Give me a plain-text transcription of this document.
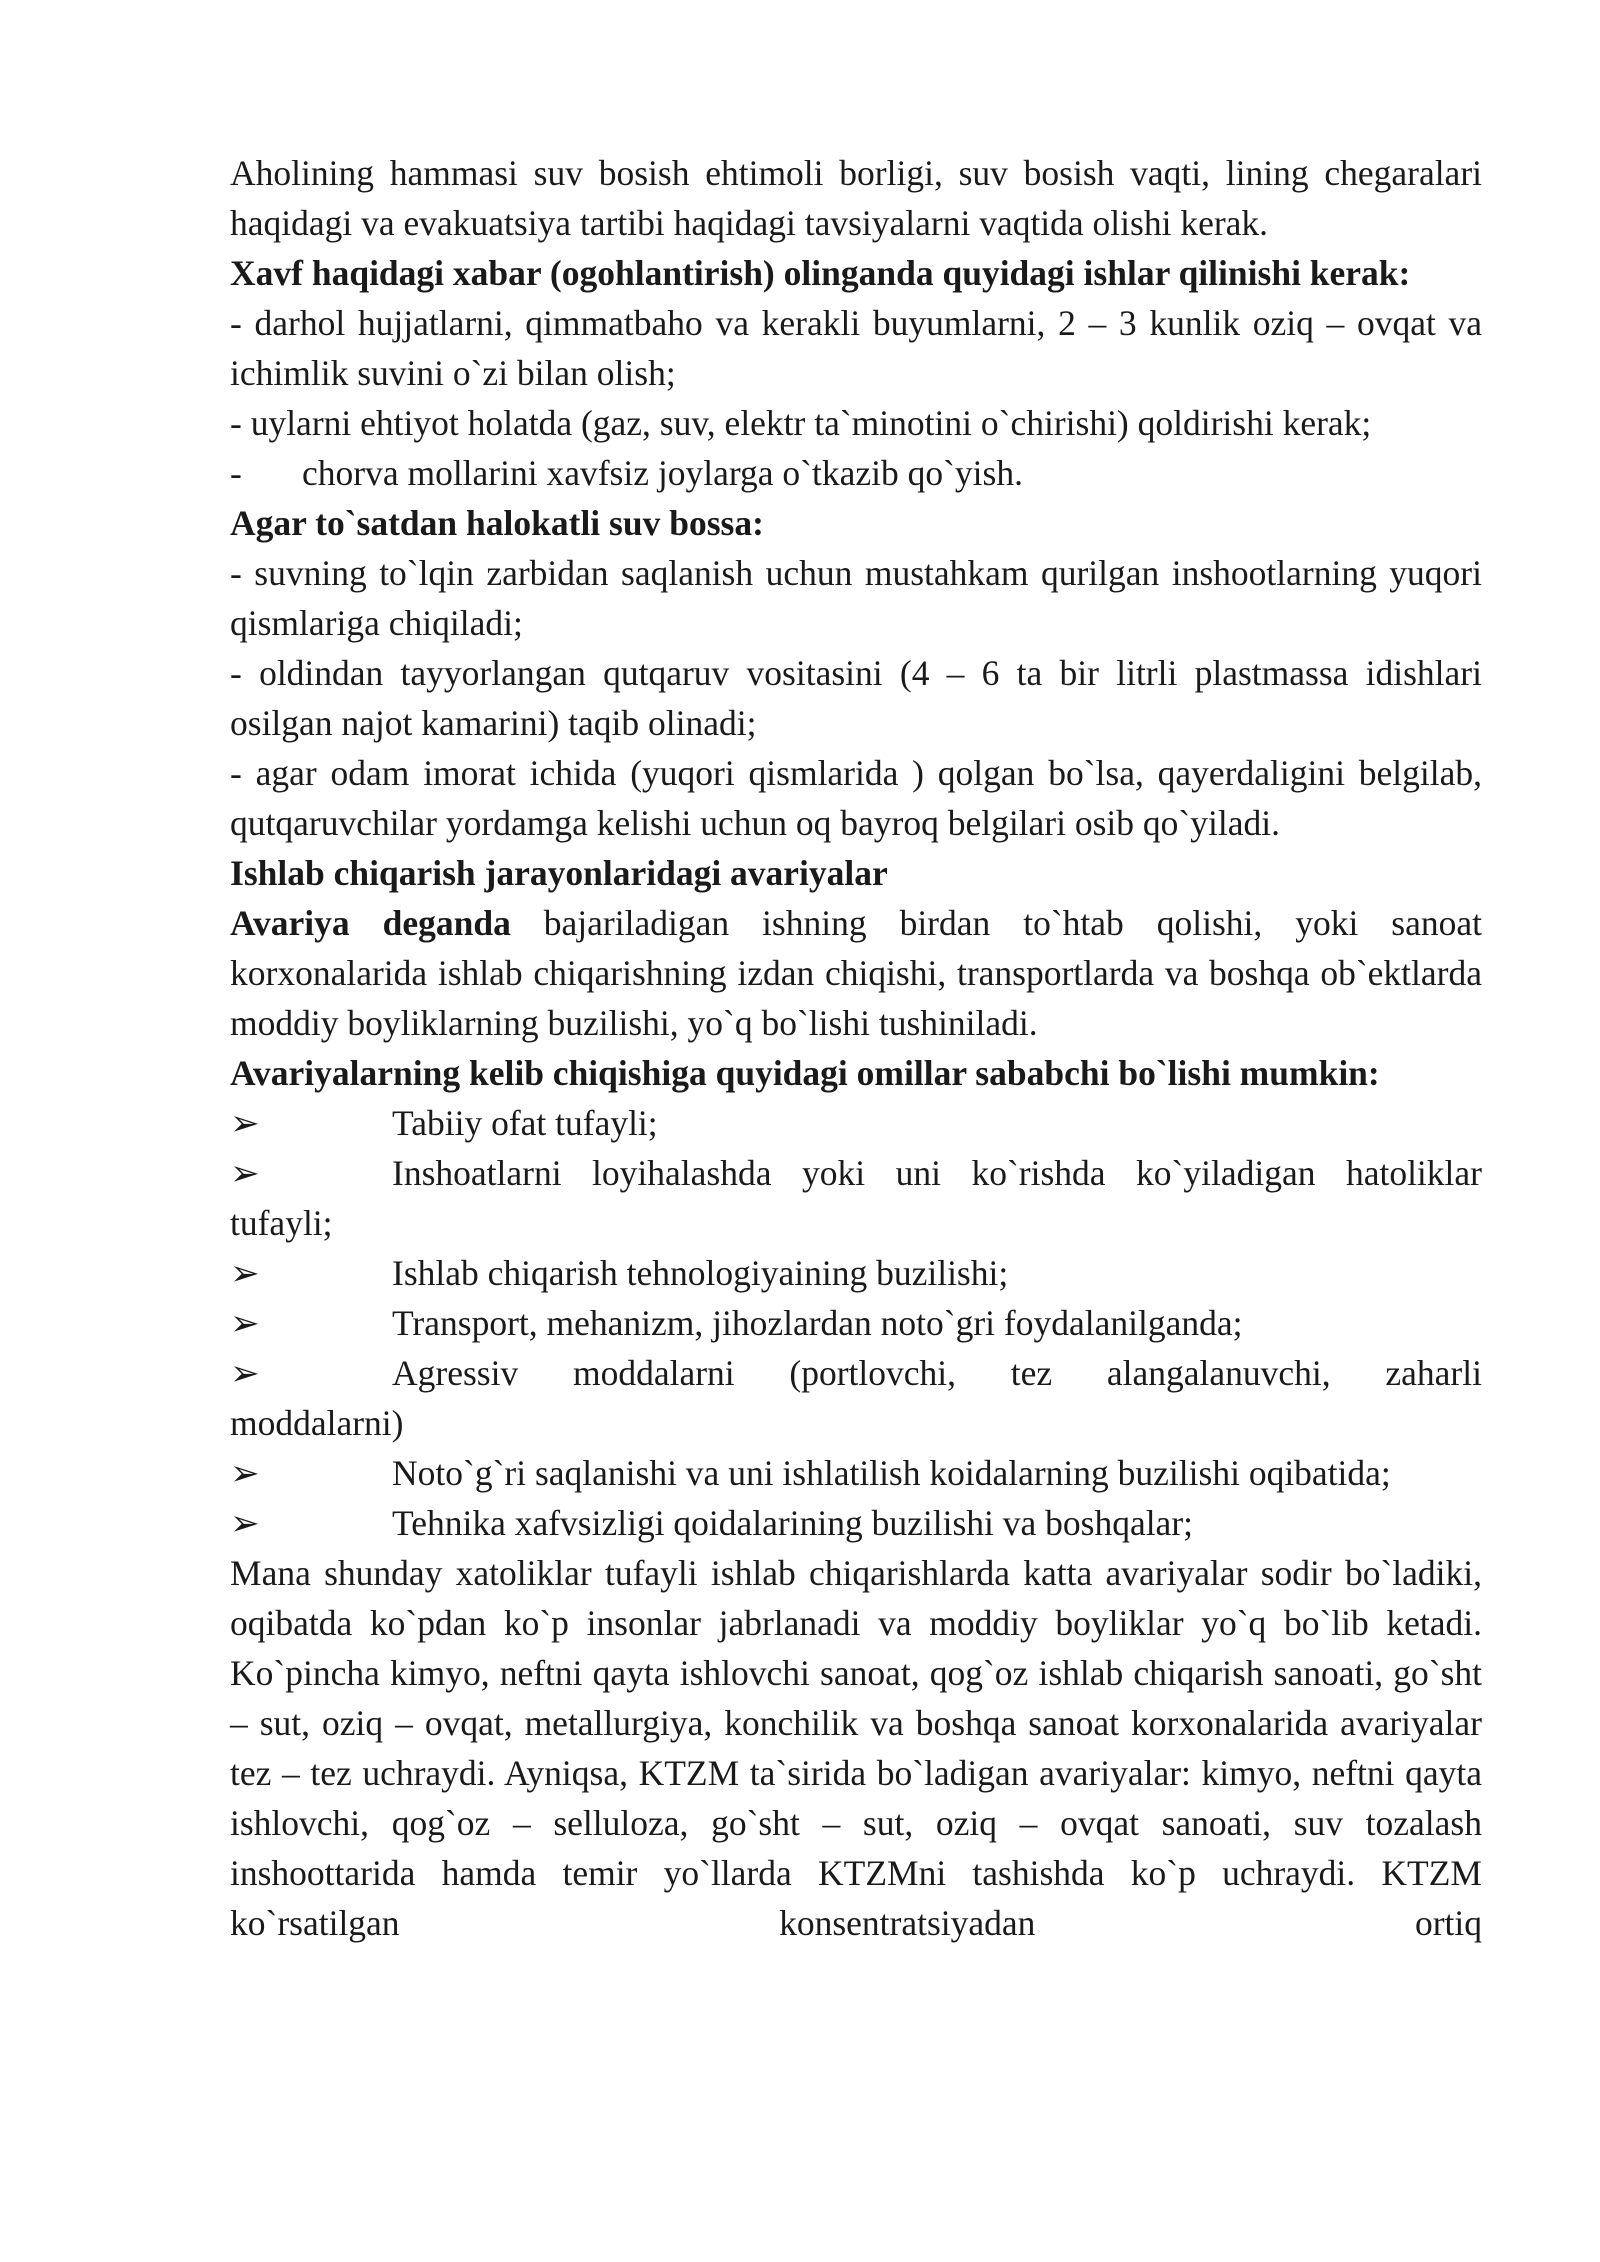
Aholining hammasi suv bosish ehtimoli borligi, suv bosish vaqti, lining chegaralari haqidagi va evakuatsiya tartibi haqidagi tavsiyalarni vaqtida olishi kerak.

Xavf haqidagi xabar (ogohlantirish) olinganda quyidagi ishlar qilinishi kerak:

- darhol hujjatlarni, qimmatbaho va kerakli buyumlarni, 2 – 3 kunlik oziq – ovqat va ichimlik suvini o`zi bilan olish;

- uylarni ehtiyot holatda (gaz, suv, elektr ta`minotini o`chirishi) qoldirishi kerak;

- chorva mollarini xavfsiz joylarga o`tkazib qo`yish.

Agar to`satdan halokatli suv bossa:

- suvning to`lqin zarbidan saqlanish uchun mustahkam qurilgan inshootlarning yuqori qismlariga chiqiladi;

- oldindan tayyorlangan qutqaruv vositasini (4 – 6 ta bir litrli plastmassa idishlari osilgan najot kamarini) taqib olinadi;

- agar odam imorat ichida (yuqori qismlarida ) qolgan bo`lsa, qayerdaligini belgilab, qutqaruvchilar yordamga kelishi uchun oq bayroq belgilari osib qo`yiladi.

Ishlab chiqarish jarayonlaridagi avariyalar

Avariya deganda bajariladigan ishning birdan to`htab qolishi, yoki sanoat korxonalarida ishlab chiqarishning izdan chiqishi, transportlarda va boshqa ob`ektlarda moddiy boyliklarning buzilishi, yo`q bo`lishi tushiniladi.

Avariyalarning kelib chiqishiga quyidagi omillar sababchi bo`lishi mumkin:

➢	Tabiiy ofat tufayli;
➢	Inshoatlarni loyihalashda yoki uni ko`rishda ko`yiladigan hatoliklar
tufayli;
➢	Ishlab chiqarish tehnologiyaining buzilishi;
➢	Transport, mehanizm, jihozlardan noto`gri foydalanilganda;
➢	Agressiv moddalarni (portlovchi, tez alangalanuvchi, zaharli
moddalarni)
➢	Noto`g`ri saqlanishi va uni ishlatilish koidalarning buzilishi oqibatida;
➢	Tehnika xafvsizligi qoidalarining buzilishi va boshqalar;

Mana shunday xatoliklar tufayli ishlab chiqarishlarda katta avariyalar sodir bo`ladiki, oqibatda ko`pdan ko`p insonlar jabrlanadi va moddiy boyliklar yo`q bo`lib ketadi. Ko`pincha kimyo, neftni qayta ishlovchi sanoat, qog`oz ishlab chiqarish sanoati, go`sht – sut, oziq – ovqat, metallurgiya, konchilik va boshqa sanoat korxonalarida avariyalar tez – tez uchraydi. Ayniqsa, KTZM ta`sirida bo`ladigan avariyalar: kimyo, neftni qayta ishlovchi, qog`oz – selluloza, go`sht – sut, oziq – ovqat sanoati, suv tozalash inshoottarida hamda temir yo`llarda KTZMni tashishda ko`p uchraydi. KTZM ko`rsatilgan konsentratsiyadan ortiq
